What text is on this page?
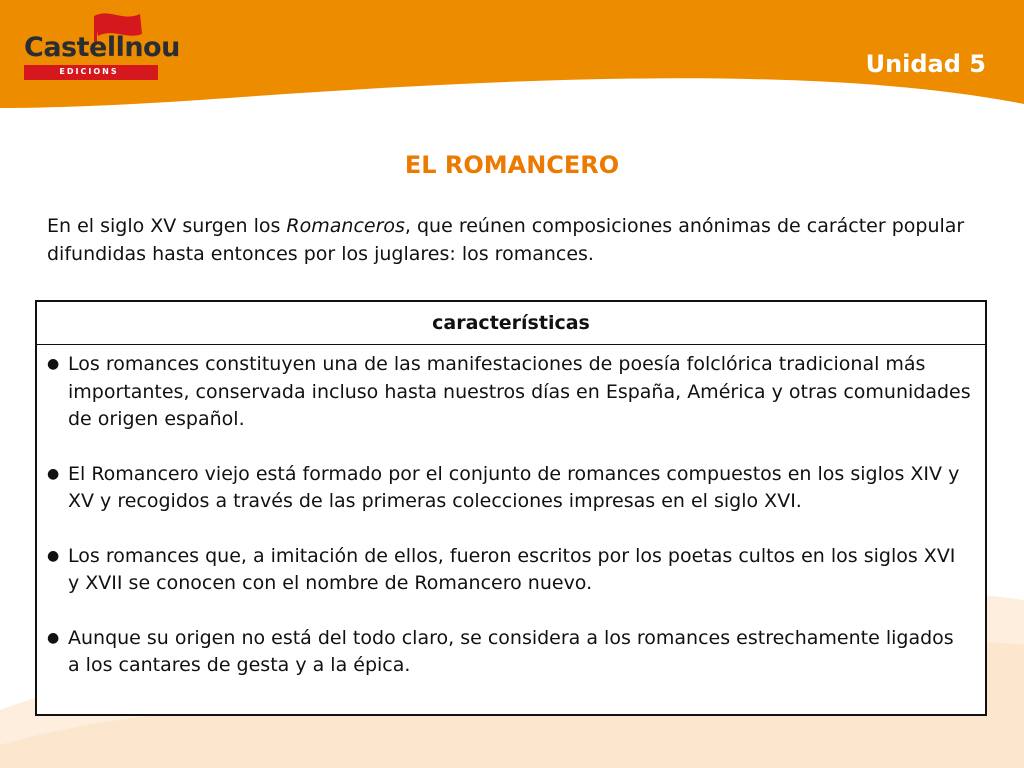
Castellnou
EDICIONS	Unidad 5
EL ROMANCERO

En el siglo XV surgen los Romanceros, que reúnen composiciones anónimas de carácter popular difundidas hasta entonces por los juglares: los romances.

características
● Los romances constituyen una de las manifestaciones de poesía folclórica tradicional más importantes, conservada incluso hasta nuestros días en España, América y otras comunidades de origen español.
● El Romancero viejo está formado por el conjunto de romances compuestos en los siglos XIV y XV y recogidos a través de las primeras colecciones impresas en el siglo XVI.
● Los romances que, a imitación de ellos, fueron escritos por los poetas cultos en los siglos XVI y XVII se conocen con el nombre de Romancero nuevo.
● Aunque su origen no está del todo claro, se considera a los romances estrechamente ligados a los cantares de gesta y a la épica.
